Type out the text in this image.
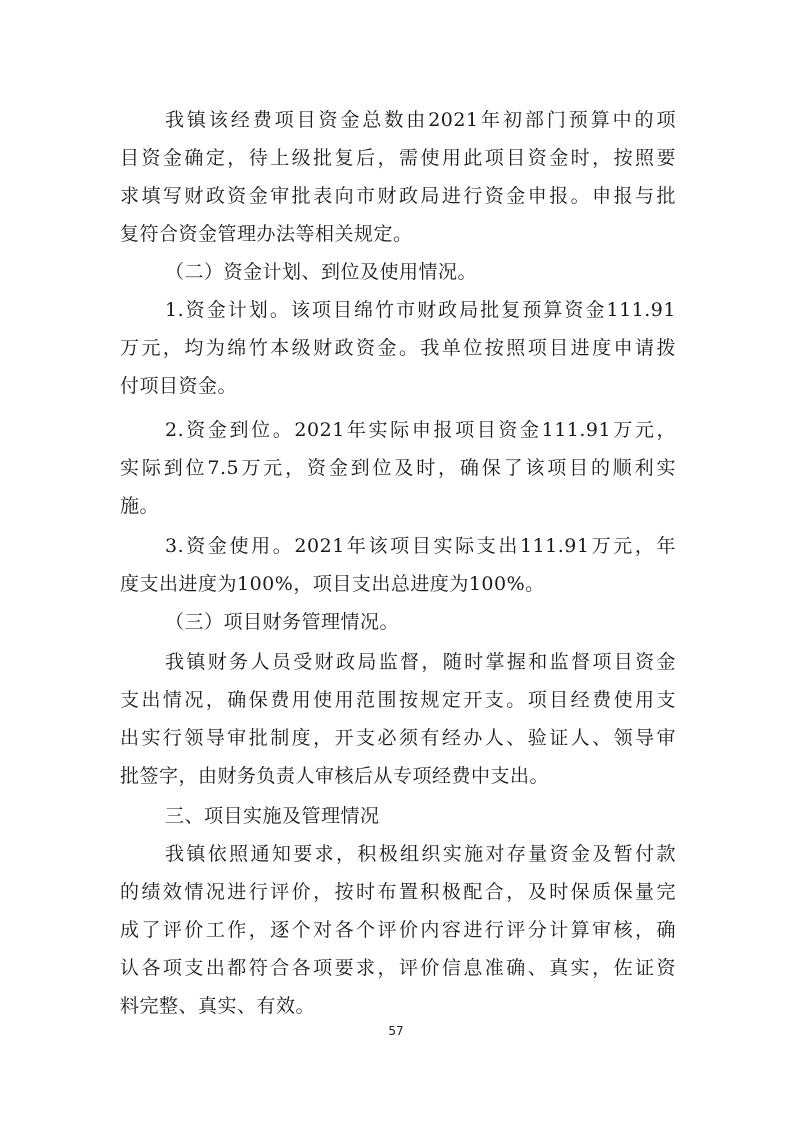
我镇该经费项目资金总数由2021年初部门预算中的项
目资金确定，待上级批复后，需使用此项目资金时，按照要
求填写财政资金审批表向市财政局进行资金申报。申报与批
复符合资金管理办法等相关规定。
（二）资金计划、到位及使用情况。
1.资金计划。该项目绵竹市财政局批复预算资金111.91
万元，均为绵竹本级财政资金。我单位按照项目进度申请拨
付项目资金。
2.资金到位。2021年实际申报项目资金111.91万元，
实际到位7.5万元，资金到位及时，确保了该项目的顺利实
施。
3.资金使用。2021年该项目实际支出111.91万元，年
度支出进度为100%，项目支出总进度为100%。
（三）项目财务管理情况。
我镇财务人员受财政局监督，随时掌握和监督项目资金
支出情况，确保费用使用范围按规定开支。项目经费使用支
出实行领导审批制度，开支必须有经办人、验证人、领导审
批签字，由财务负责人审核后从专项经费中支出。
三、项目实施及管理情况
我镇依照通知要求，积极组织实施对存量资金及暂付款
的绩效情况进行评价，按时布置积极配合，及时保质保量完
成了评价工作，逐个对各个评价内容进行评分计算审核，确
认各项支出都符合各项要求，评价信息准确、真实，佐证资
料完整、真实、有效。
57
